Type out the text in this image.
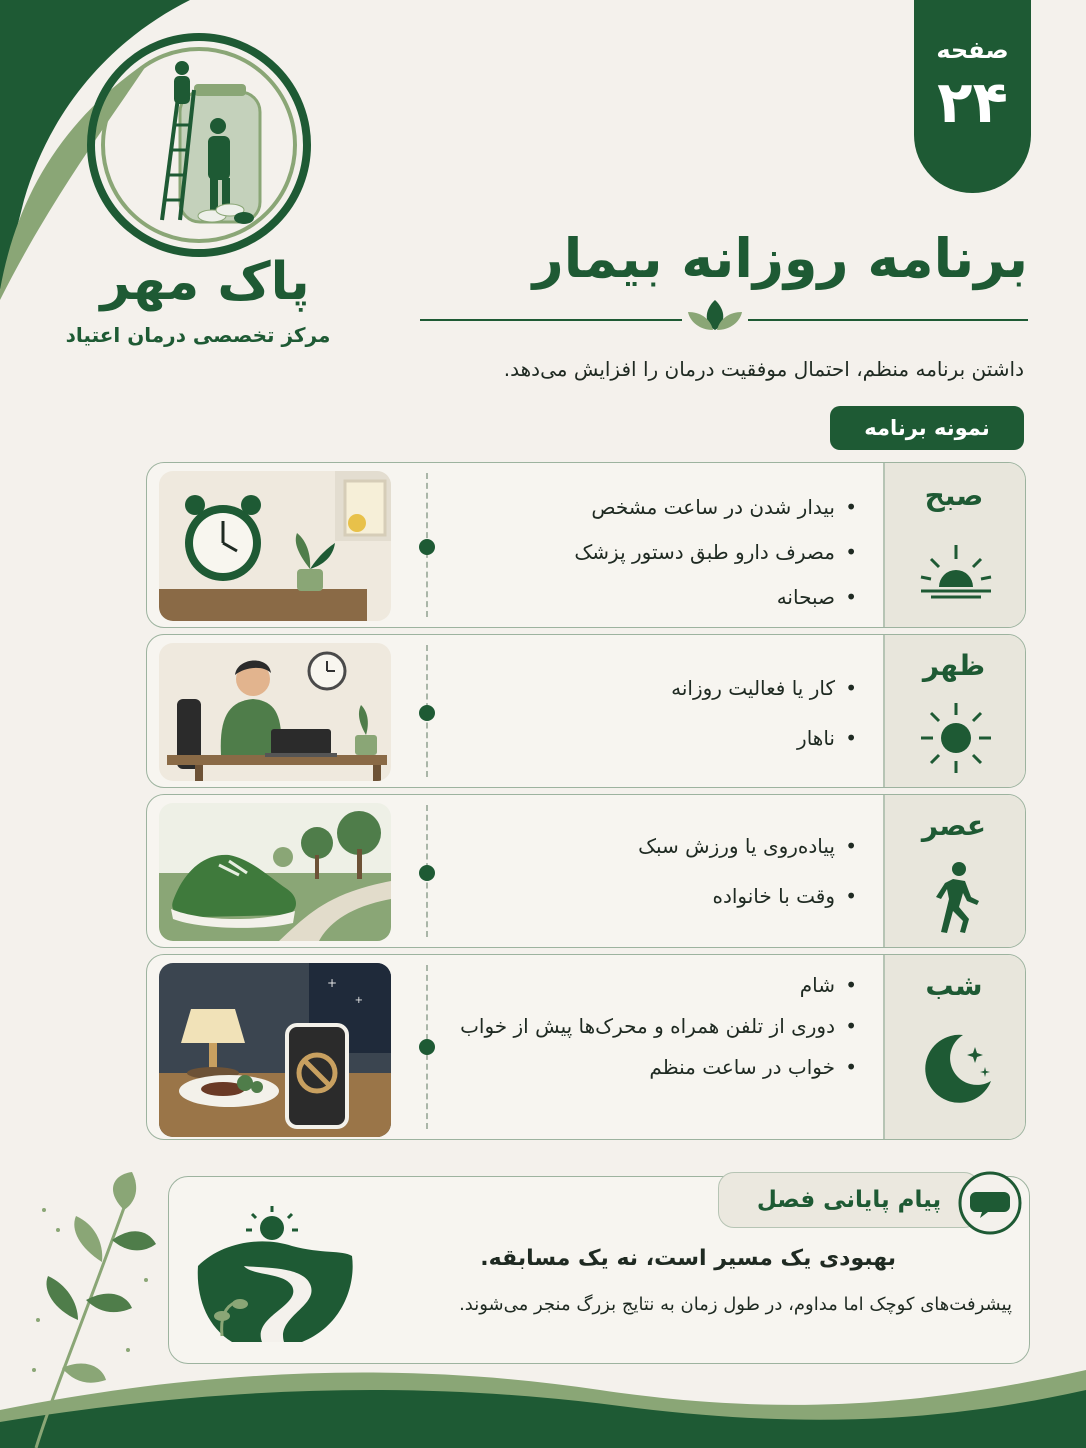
صفحه
۲۴
پاک مهر
مرکز تخصصی درمان اعتیاد
برنامه روزانه بیمار

داشتن برنامه منظم، احتمال موفقیت درمان را افزایش می‌دهد.

نمونه برنامه
صبح
• بیدار شدن در ساعت مشخص
• مصرف دارو طبق دستور پزشک
• صبحانه
ظهر
• کار یا فعالیت روزانه
• ناهار
عصر
• پیاده‌روی یا ورزش سبک
• وقت با خانواده
شب
• شام
• دوری از تلفن همراه و محرک‌ها پیش از خواب
• خواب در ساعت منظم
+
+
پیام پایانی فصل
بهبودی یک مسیر است، نه یک مسابقه.
پیشرفت‌های کوچک اما مداوم، در طول زمان به نتایج بزرگ منجر می‌شوند.
